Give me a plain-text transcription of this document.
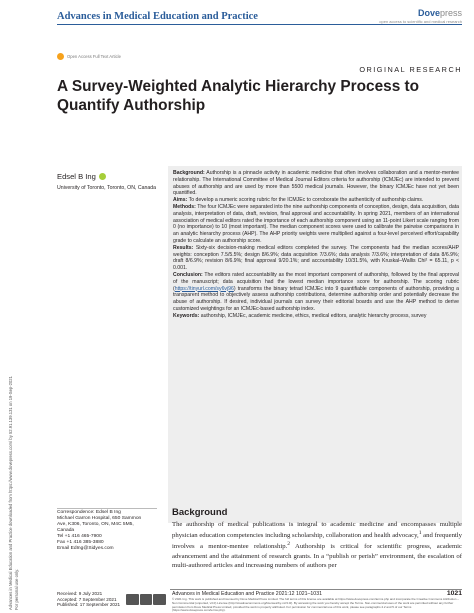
Advances in Medical Education and Practice	Dovepress
open access to scientific and medical research
Open Access Full Text Article
ORIGINAL RESEARCH
A Survey-Weighted Analytic Hierarchy Process to Quantify Authorship
Edsel B Ing
University of Toronto, Toronto, ON, Canada

Background: Authorship is a pinnacle activity in academic medicine that often involves collaboration and a mentor-mentee relationship. The International Committee of Medical Journal Editors criteria for authorship (ICMJEc) are intended to prevent abuses of authorship and are used by more than 5500 medical journals. However, the binary ICMJEc have not yet been quantified.

Aims: To develop a numeric scoring rubric for the ICMJEc to corroborate the authenticity of authorship claims.

Methods: The four ICMJEc were separated into the nine authorship components of conception, design, data acquisition, data analysis, interpretation of data, draft, revision, final approval and accountability. In spring 2021, members of an international association of medical editors rated the importance of each authorship component using an 11-point Likert scale ranging from 0 (no importance) to 10 (most important). The median component scores were used to calibrate the pairwise comparisons in an analytic hierarchy process (AHP). The AHP priority weights were multiplied against a four-level perceived effort/capability grade to calculate an authorship score.

Results: Sixty-six decision-making medical editors completed the survey. The components had the median scores/AHP weights: conception 7.5/5.5%; design 8/6.9%; data acquisition 7/3.6%; data analysis 7/3.6%; interpretation of data 8/6.9%; draft 8/6.9%; revision 8/6.9%; final approval 9/20.1%; and accountability 10/31.5%, with Kruskal–Wallis Chi² = 65.11, p < 0.001.

Conclusion: The editors rated accountability as the most important component of authorship, followed by the final approval of the manuscript; data acquisition had the lowest median importance score for authorship. The scoring rubric (https://tinyurl.com/sy6vj96) transforms the binary tetrad ICMJEc into 9 quantifiable components of authorship, providing a transparent method to objectively assess authorship contributions, determine authorship order and potentially decrease the abuse of authorship. If desired, individual journals can survey their editorial boards and use the AHP method to derive customized weightings for an ICMJEc-based authorship index.

Keywords: authorship, ICMJEc, academic medicine, ethics, medical editors, analytic hierarchy process, survey

Background
The authorship of medical publications is integral to academic medicine and encompasses multiple physician education competencies including scholarship, collaboration and health advocacy,$^1$ and frequently involves a mentor-mentee relationship.$^2$ Authorship is critical for scientific progress, academic advancement and the attainment of research grants. In a “publish or perish” environment, the escalation of multi-authored articles and increasing numbers of authors per
Correspondence: Edsel B Ing
Michael Garron Hospital, 650 Sammon
Ave, K306, Toronto, ON, M4C 5M5,
Canada
Tel +1 416 465-7900
Fax +1 416 385-3880
Email EdIng@Sidyes.com
Advances in Medical Education and Practice downloaded from https://www.dovepress.com/ by 52.91.139.131 on 19-Sep-2021 For personal use only.	Received: 9 July 2021
Accepted: 7 September 2021
Published: 17 September 2021
Advances in Medical Education and Practice 2021:12 1021–1031	1021
© 2021 Ing. This work is published and licensed by Dove Medical Press Limited. The full terms of this license are available at https://www.dovepress.com/terms.php and incorporate the Creative Commons Attribution – Non Commercial (unported, v3.0) License (http://creativecommons.org/licenses/by-nc/3.0/). By accessing the work you hereby accept the Terms. Non-commercial uses of the work are permitted without any further permission from Dove Medical Press Limited, provided the work is properly attributed. For permission for commercial use of this work, please see paragraphs 4.2 and 5 of our Terms (https://www.dovepress.com/terms.php).
